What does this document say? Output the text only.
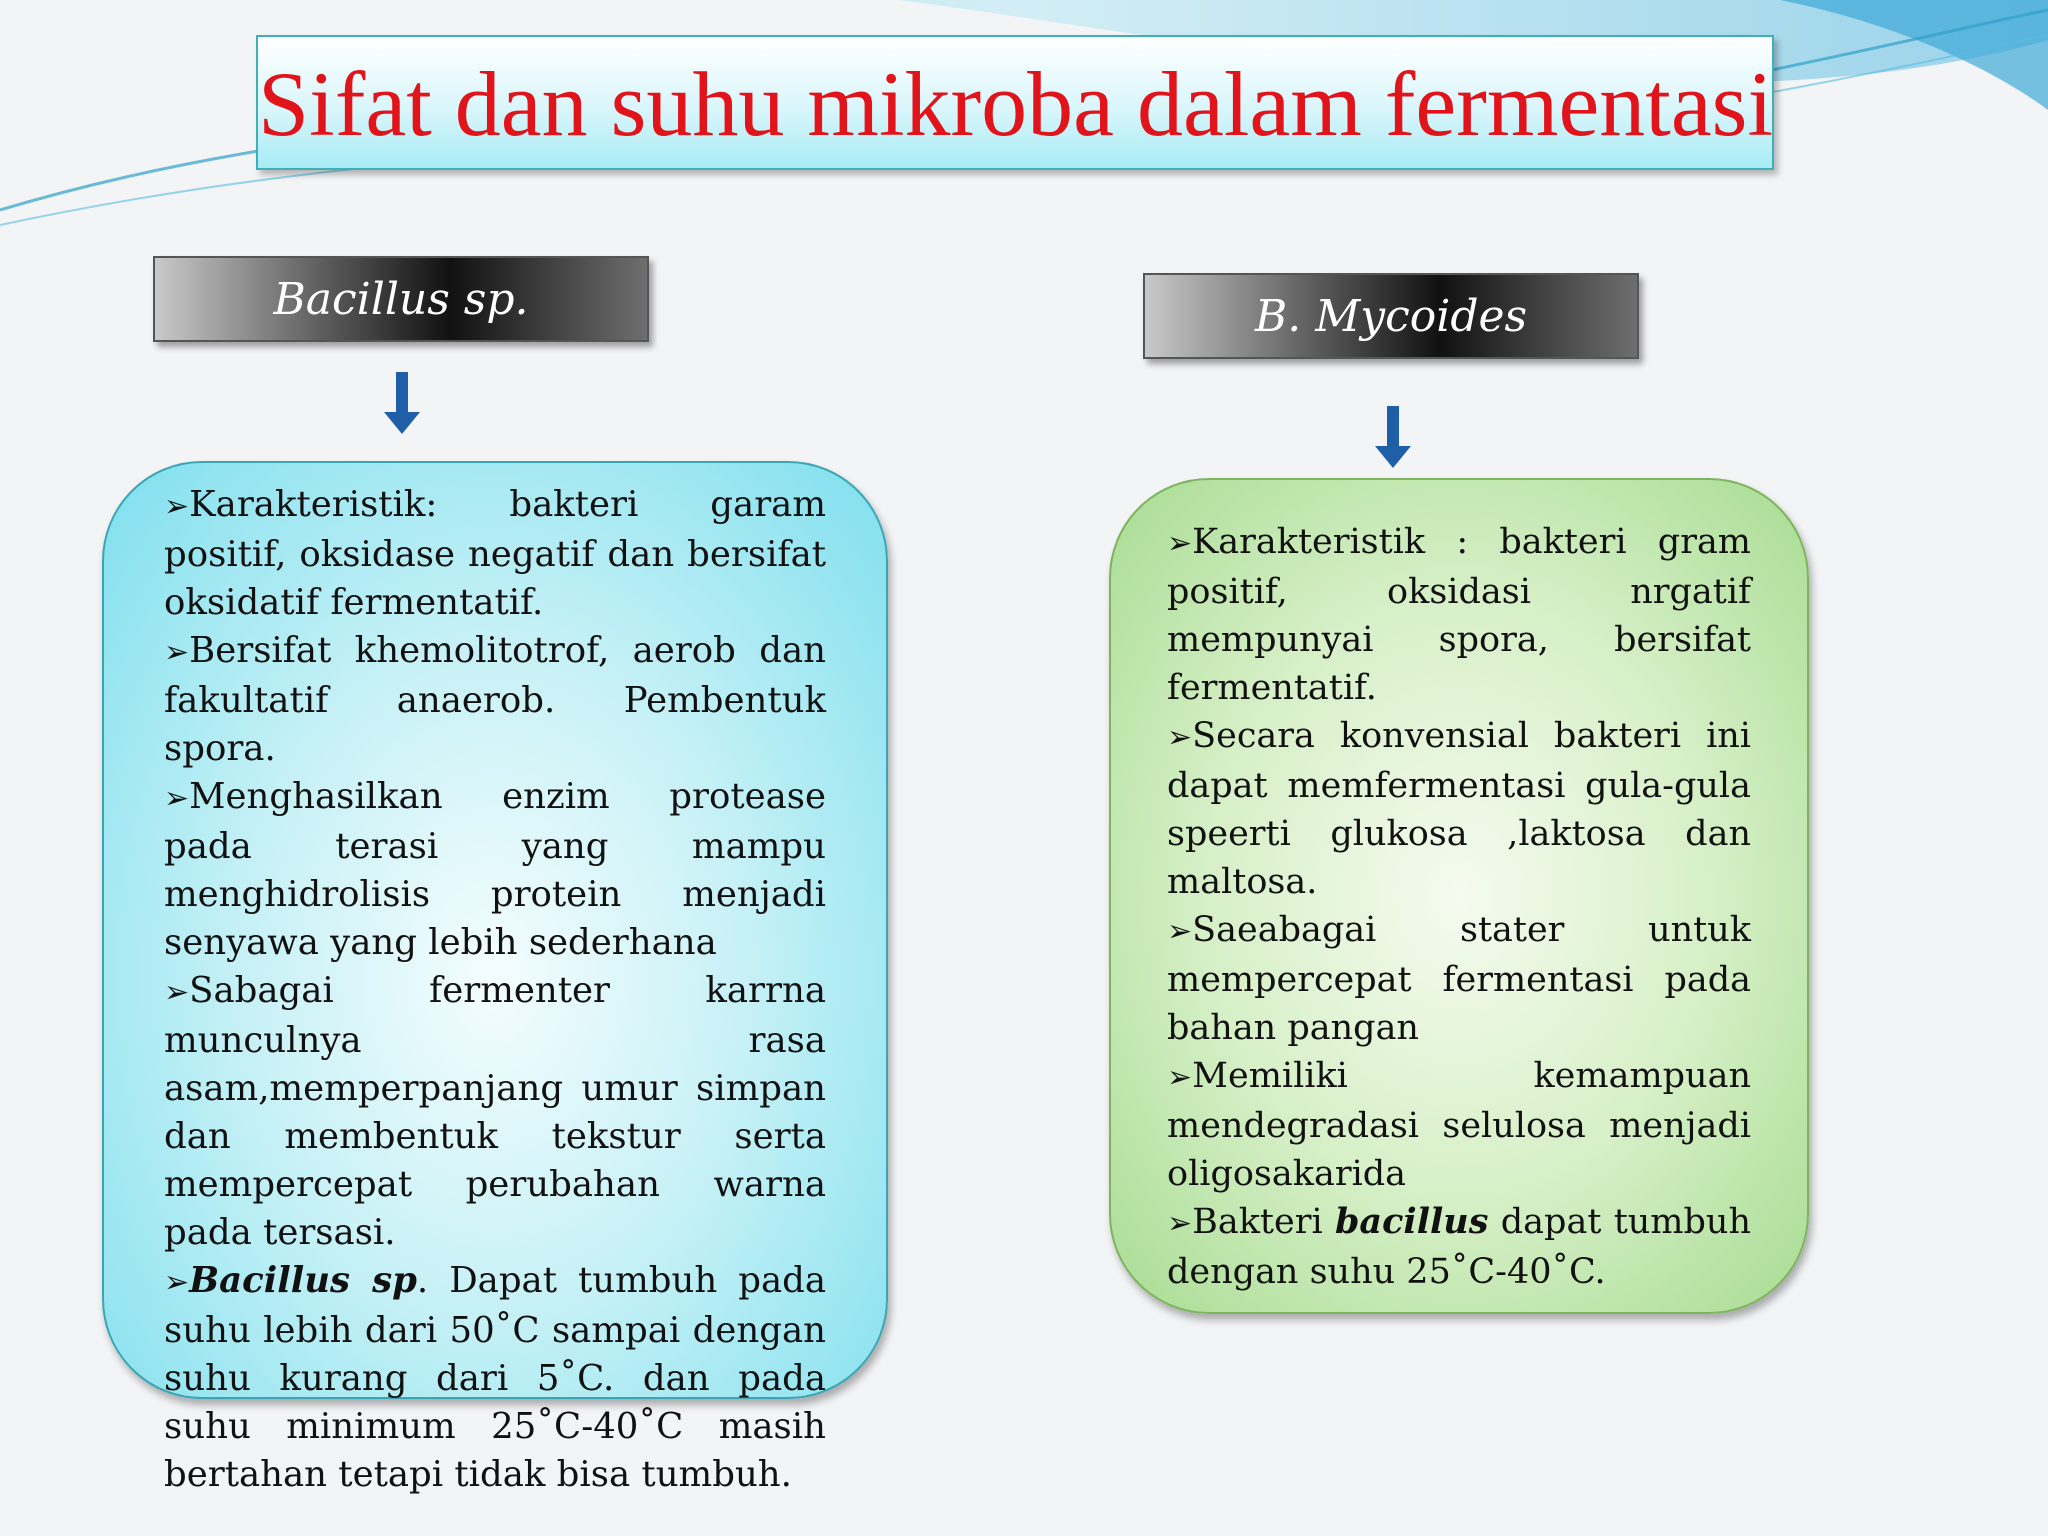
Sifat dan suhu mikroba dalam fermentasi
Bacillus sp.	B. Mycoides

➢Karakteristik: bakteri garam positif, oksidase negatif dan bersifat oksidatif fermentatif.

➢Bersifat khemolitotrof, aerob dan fakultatif anaerob. Pembentuk spora.

➢Menghasilkan enzim protease pada terasi yang mampu menghidrolisis protein menjadi senyawa yang lebih sederhana

➢Sabagai fermenter karrna munculnya rasa asam,memperpanjang umur simpan dan membentuk tekstur serta mempercepat perubahan warna pada tersasi.

➢Bacillus sp. Dapat tumbuh pada suhu lebih dari 50˚C sampai dengan suhu kurang dari 5˚C. dan pada suhu minimum 25˚C-40˚C masih bertahan tetapi tidak bisa tumbuh.

➢Karakteristik : bakteri gram positif, oksidasi nrgatif mempunyai spora, bersifat fermentatif.

➢Secara konvensial bakteri ini dapat memfermentasi gula-gula speerti glukosa ,laktosa dan maltosa.

➢Saeabagai stater untuk mempercepat fermentasi pada bahan pangan

➢Memiliki kemampuan mendegradasi selulosa menjadi oligosakarida

➢Bakteri bacillus dapat tumbuh dengan suhu 25˚C-40˚C.
